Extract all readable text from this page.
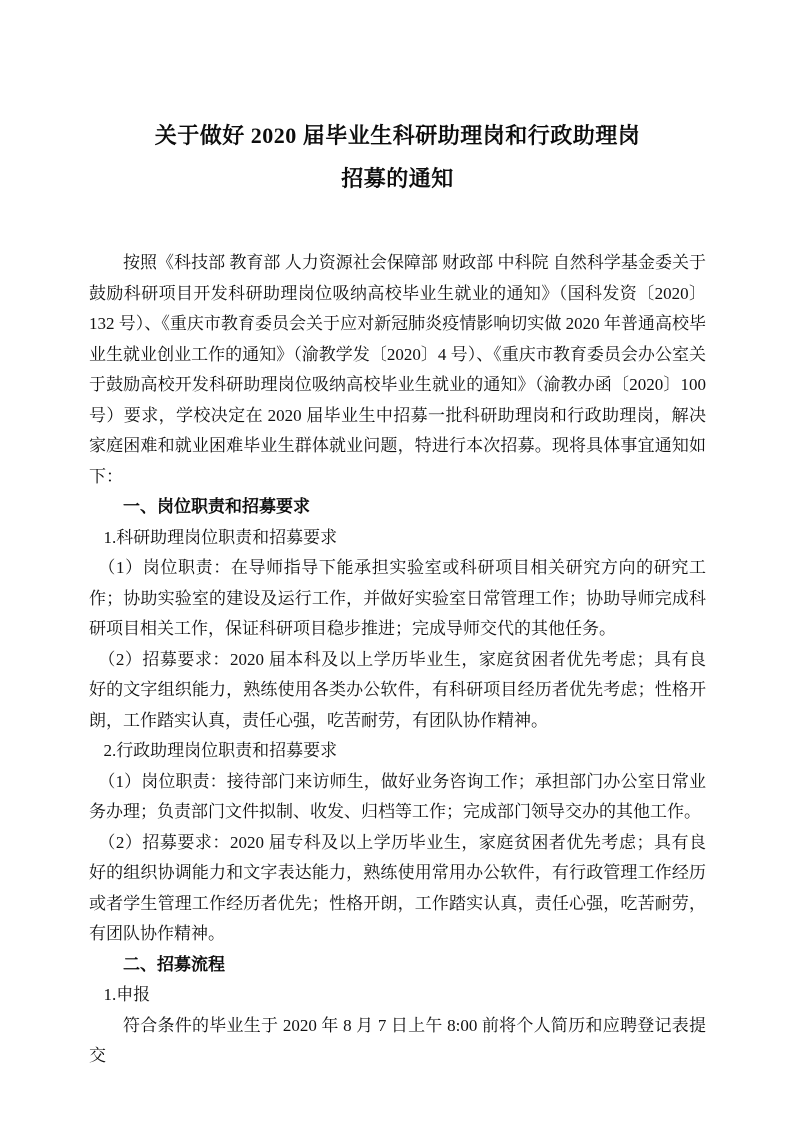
关于做好 2020 届毕业生科研助理岗和行政助理岗
招募的通知

按照《科技部 教育部 人力资源社会保障部 财政部 中科院 自然科学基金委关于鼓励科研项目开发科研助理岗位吸纳高校毕业生就业的通知》（国科发资〔2020〕132 号）、《重庆市教育委员会关于应对新冠肺炎疫情影响切实做 2020 年普通高校毕业生就业创业工作的通知》（渝教学发〔2020〕4 号）、《重庆市教育委员会办公室关于鼓励高校开发科研助理岗位吸纳高校毕业生就业的通知》（渝教办函〔2020〕100 号）要求，学校决定在 2020 届毕业生中招募一批科研助理岗和行政助理岗，解决家庭困难和就业困难毕业生群体就业问题，特进行本次招募。现将具体事宜通知如下：

一、岗位职责和招募要求

1.科研助理岗位职责和招募要求

（1）岗位职责：在导师指导下能承担实验室或科研项目相关研究方向的研究工作；协助实验室的建设及运行工作，并做好实验室日常管理工作；协助导师完成科研项目相关工作，保证科研项目稳步推进；完成导师交代的其他任务。

（2）招募要求：2020 届本科及以上学历毕业生，家庭贫困者优先考虑；具有良好的文字组织能力，熟练使用各类办公软件，有科研项目经历者优先考虑；性格开朗，工作踏实认真，责任心强，吃苦耐劳，有团队协作精神。

2.行政助理岗位职责和招募要求

（1）岗位职责：接待部门来访师生，做好业务咨询工作；承担部门办公室日常业务办理；负责部门文件拟制、收发、归档等工作；完成部门领导交办的其他工作。

（2）招募要求：2020 届专科及以上学历毕业生，家庭贫困者优先考虑；具有良好的组织协调能力和文字表达能力，熟练使用常用办公软件，有行政管理工作经历或者学生管理工作经历者优先；性格开朗，工作踏实认真，责任心强，吃苦耐劳，有团队协作精神。

二、招募流程

1.申报

符合条件的毕业生于 2020 年 8 月 7 日上午 8:00 前将个人简历和应聘登记表提交
